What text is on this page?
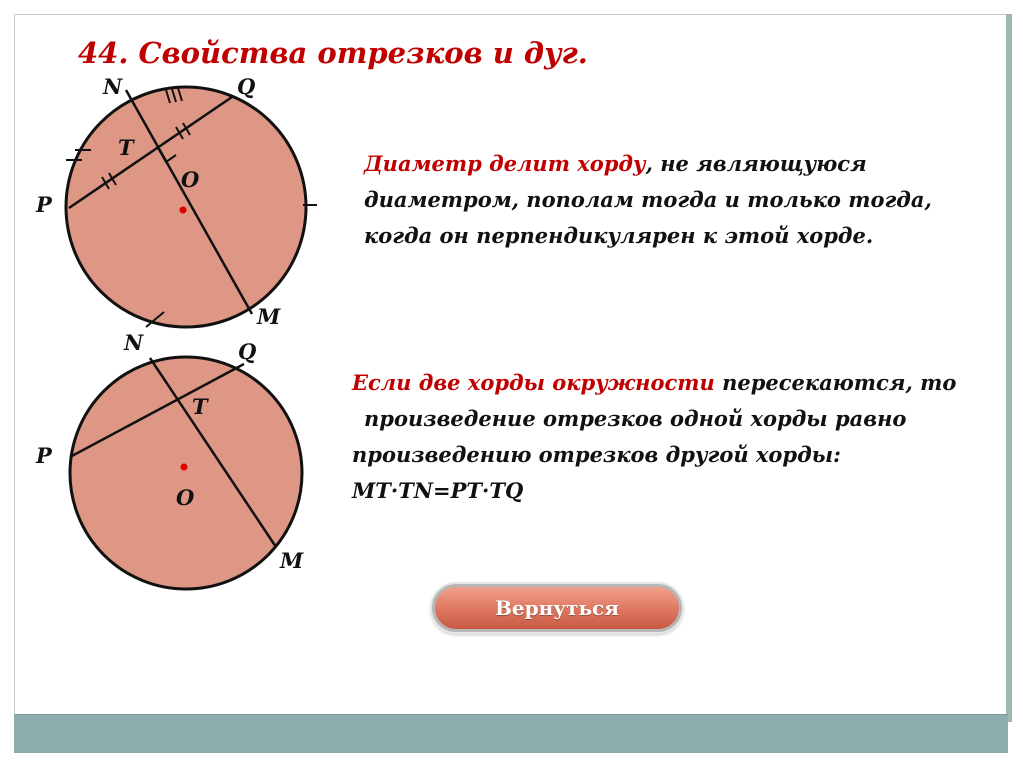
44. Свойства отрезков и дуг.
N	Q
T
O
P
M
N	Q
T
P
O
M
Диаметр делит хорду, не являющуюся
диаметром, пополам тогда и только тогда,
когда он перпендикулярен к этой хорде.
Если две хорды окружности пересекаются, то
произведение отрезков одной хорды равно
произведению отрезков другой хорды:
MT·TN=PT·TQ
Вернуться
